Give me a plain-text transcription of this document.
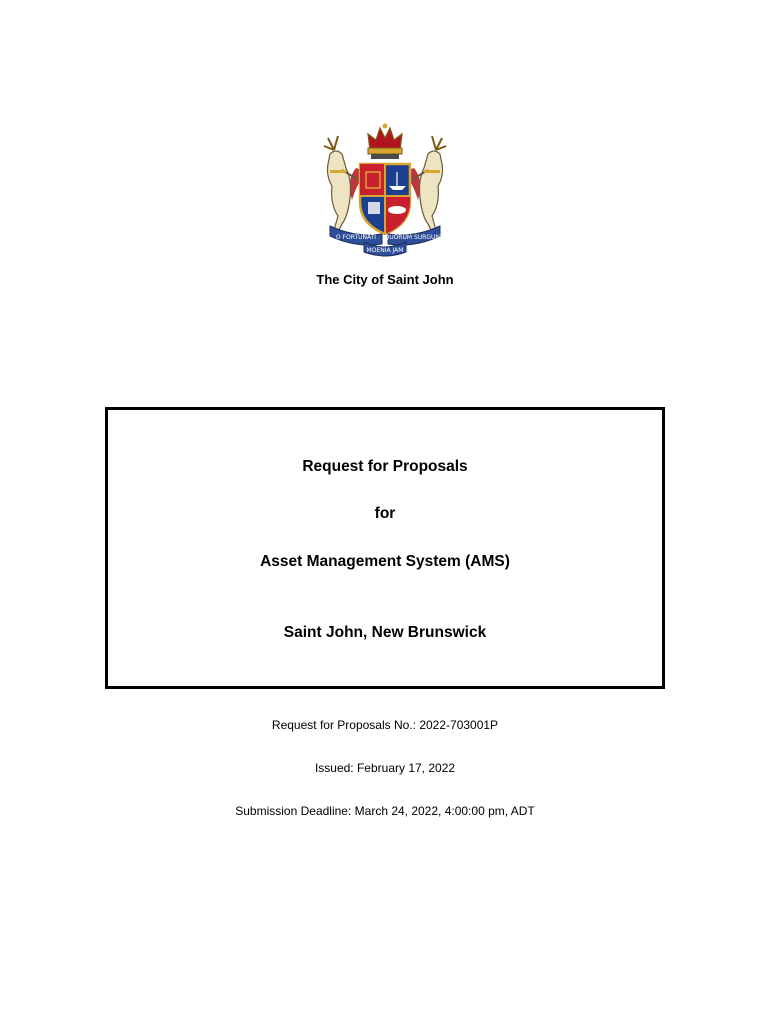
O FORTUNATI QUORUM SURGUNT
MOENIA JAM
The City of Saint John
Request for Proposals
for
Asset Management System (AMS)
Saint John, New Brunswick
Request for Proposals No.: 2022-703001P
Issued: February 17, 2022
Submission Deadline: March 24, 2022, 4:00:00 pm, ADT
